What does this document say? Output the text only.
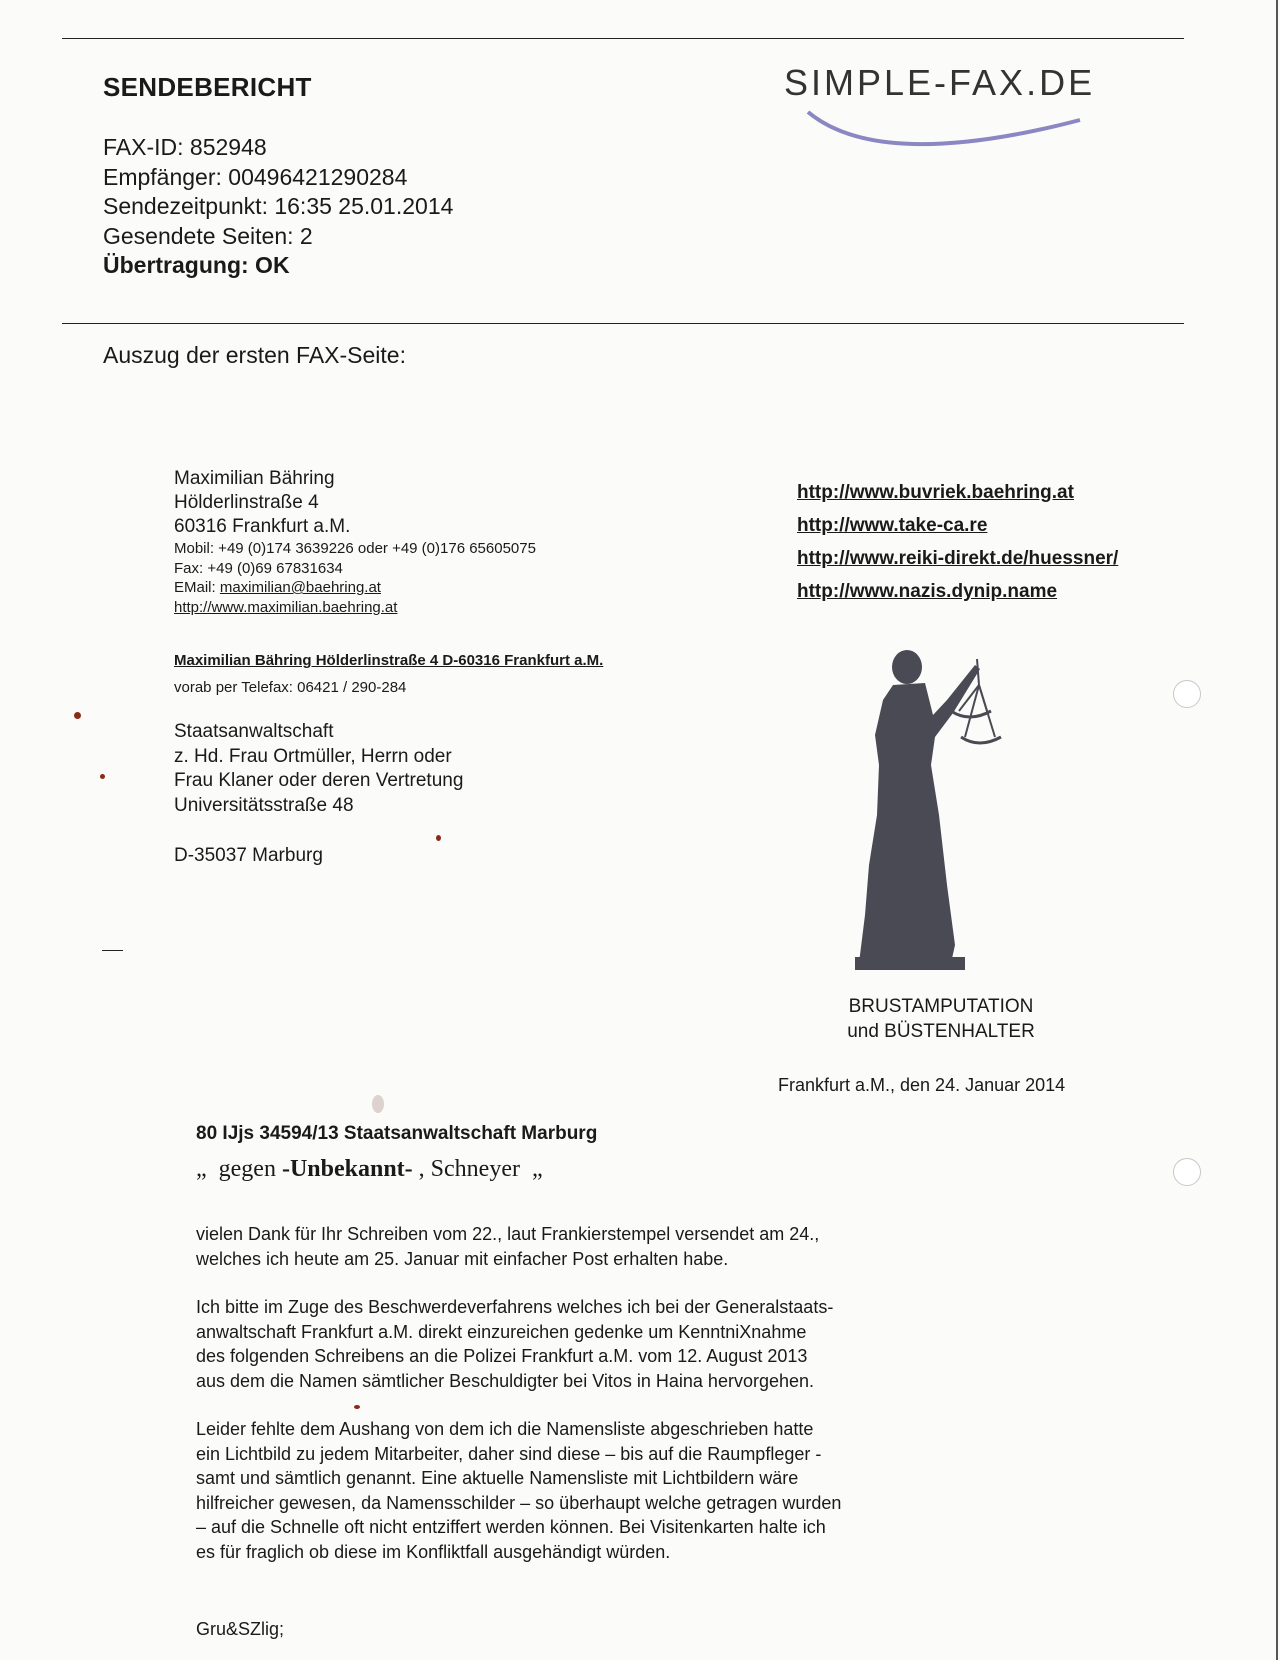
SENDEBERICHT
FAX-ID: 852948
Empfänger: 00496421290284
Sendezeitpunkt: 16:35 25.01.2014
Gesendete Seiten: 2
Übertragung: OK
SIMPLE-FAX.DE
Auszug der ersten FAX-Seite:
Maximilian Bähring
Hölderlinstraße 4
60316 Frankfurt a.M.
Mobil: +49 (0)174 3639226 oder +49 (0)176 65605075
Fax: +49 (0)69 67831634
EMail: maximilian@baehring.at
http://www.maximilian.baehring.at
Maximilian Bähring Hölderlinstraße 4 D-60316 Frankfurt a.M.
vorab per Telefax: 06421 / 290-284
Staatsanwaltschaft
z. Hd. Frau Ortmüller, Herrn oder
Frau Klaner oder deren Vertretung
Universitätsstraße 48
D-35037 Marburg
http://www.buvriek.baehring.at
http://www.take-ca.re
http://www.reiki-direkt.de/huessner/
http://www.nazis.dynip.name
BRUSTAMPUTATION
und BÜSTENHALTER
Frankfurt a.M., den 24. Januar 2014
80 IJjs 34594/13 Staatsanwaltschaft Marburg
„  gegen -Unbekannt- , Schneyer  „

vielen Dank für Ihr Schreiben vom 22., laut Frankierstempel versendet am 24.,
welches ich heute am 25. Januar mit einfacher Post erhalten habe.

Ich bitte im Zuge des Beschwerdeverfahrens welches ich bei der Generalstaats-
anwaltschaft Frankfurt a.M. direkt einzureichen gedenke um KenntniXnahme
des folgenden Schreibens an die Polizei Frankfurt a.M. vom 12. August 2013
aus dem die Namen sämtlicher Beschuldigter bei Vitos in Haina hervorgehen.

Leider fehlte dem Aushang von dem ich die Namensliste abgeschrieben hatte
ein Lichtbild zu jedem Mitarbeiter, daher sind diese – bis auf die Raumpfleger -
samt und sämtlich genannt. Eine aktuelle Namensliste mit Lichtbildern wäre
hilfreicher gewesen, da Namensschilder – so überhaupt welche getragen wurden
– auf die Schnelle oft nicht entziffert werden können. Bei Visitenkarten halte ich
es für fraglich ob diese im Konfliktfall ausgehändigt würden.

Gru&SZlig;
